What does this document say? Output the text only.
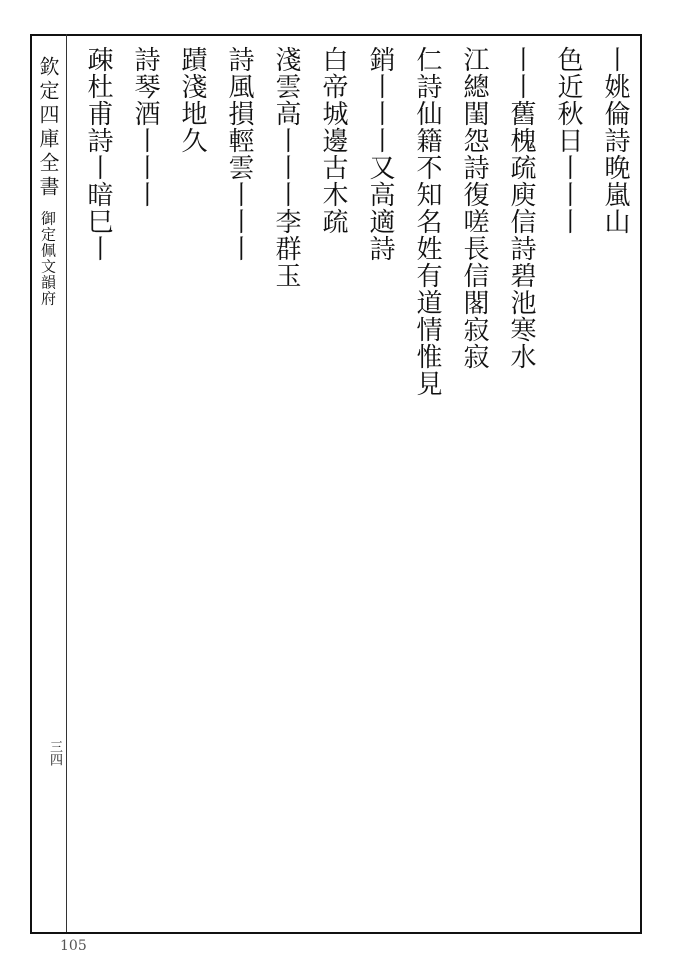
欽定四庫全書 御定佩文韻府
丨姚倫詩晚嵐山
色近秋日丨丨丨
丨丨舊槐疏庾信詩碧池寒水
江總閨怨詩復嗟長信閣寂寂
仁詩仙籍不知名姓有道情惟見
銷丨丨丨又高適詩
白帝城邊古木疏
淺雲高丨丨丨李群玉
詩風損輕雲丨丨丨
蹟淺地久
詩琴酒丨丨丨
疎杜甫詩丨暗巳丨
三四
105
